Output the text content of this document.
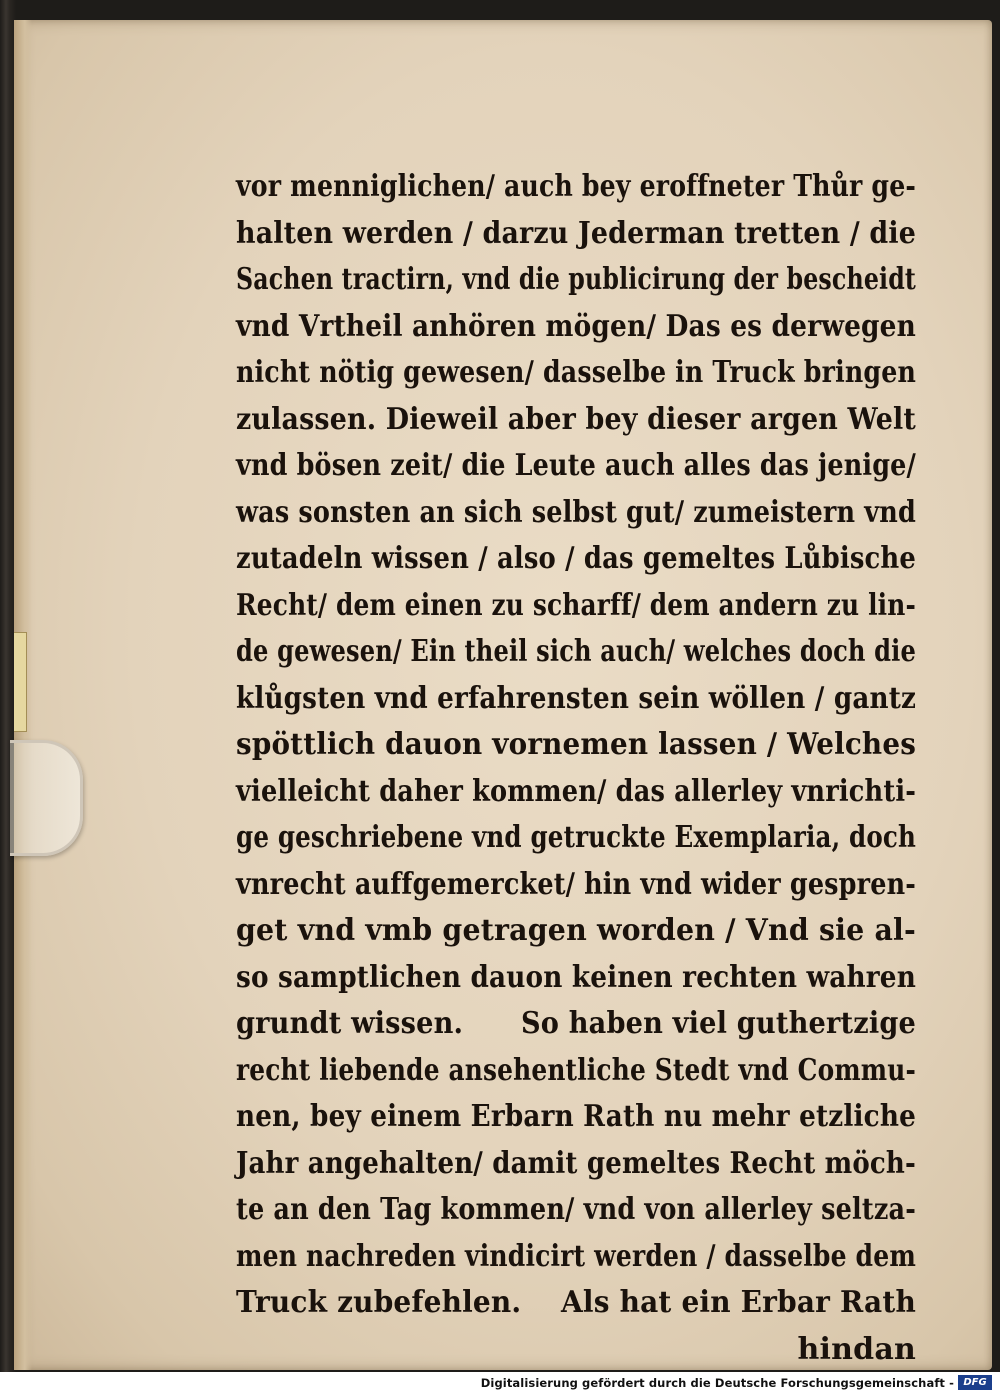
vor menniglichen/ auch bey eroffneter Thůr ge-
halten werden / darzu Jederman tretten / die
Sachen tractirn, vnd die publicirung der bescheidt
vnd Vrtheil anhören mögen/ Das es derwegen
nicht nötig gewesen/ dasselbe in Truck bringen
zulassen. Dieweil aber bey dieser argen Welt
vnd bösen zeit/ die Leute auch alles das jenige/
was sonsten an sich selbst gut/ zumeistern vnd
zutadeln wissen / also / das gemeltes Lůbische
Recht/ dem einen zu scharff/ dem andern zu lin-
de gewesen/ Ein theil sich auch/ welches doch die
klůgsten vnd erfahrensten sein wöllen / gantz
spöttlich dauon vornemen lassen / Welches
vielleicht daher kommen/ das allerley vnrichti-
ge geschriebene vnd getruckte Exemplaria, doch
vnrecht auffgemercket/ hin vnd wider gespren-
get vnd vmb getragen worden / Vnd sie al-
so samptlichen dauon keinen rechten wahren
grundt wissen.      So haben viel guthertzige
recht liebende ansehentliche Stedt vnd Commu-
nen, bey einem Erbarn Rath nu mehr etzliche
Jahr angehalten/ damit gemeltes Recht möch-
te an den Tag kommen/ vnd von allerley seltza-
men nachreden vindicirt werden / dasselbe dem
Truck zubefehlen.    Als hat ein Erbar Rath
hindan
Digitalisierung gefördert durch die Deutsche Forschungsgemeinschaft - DFG
